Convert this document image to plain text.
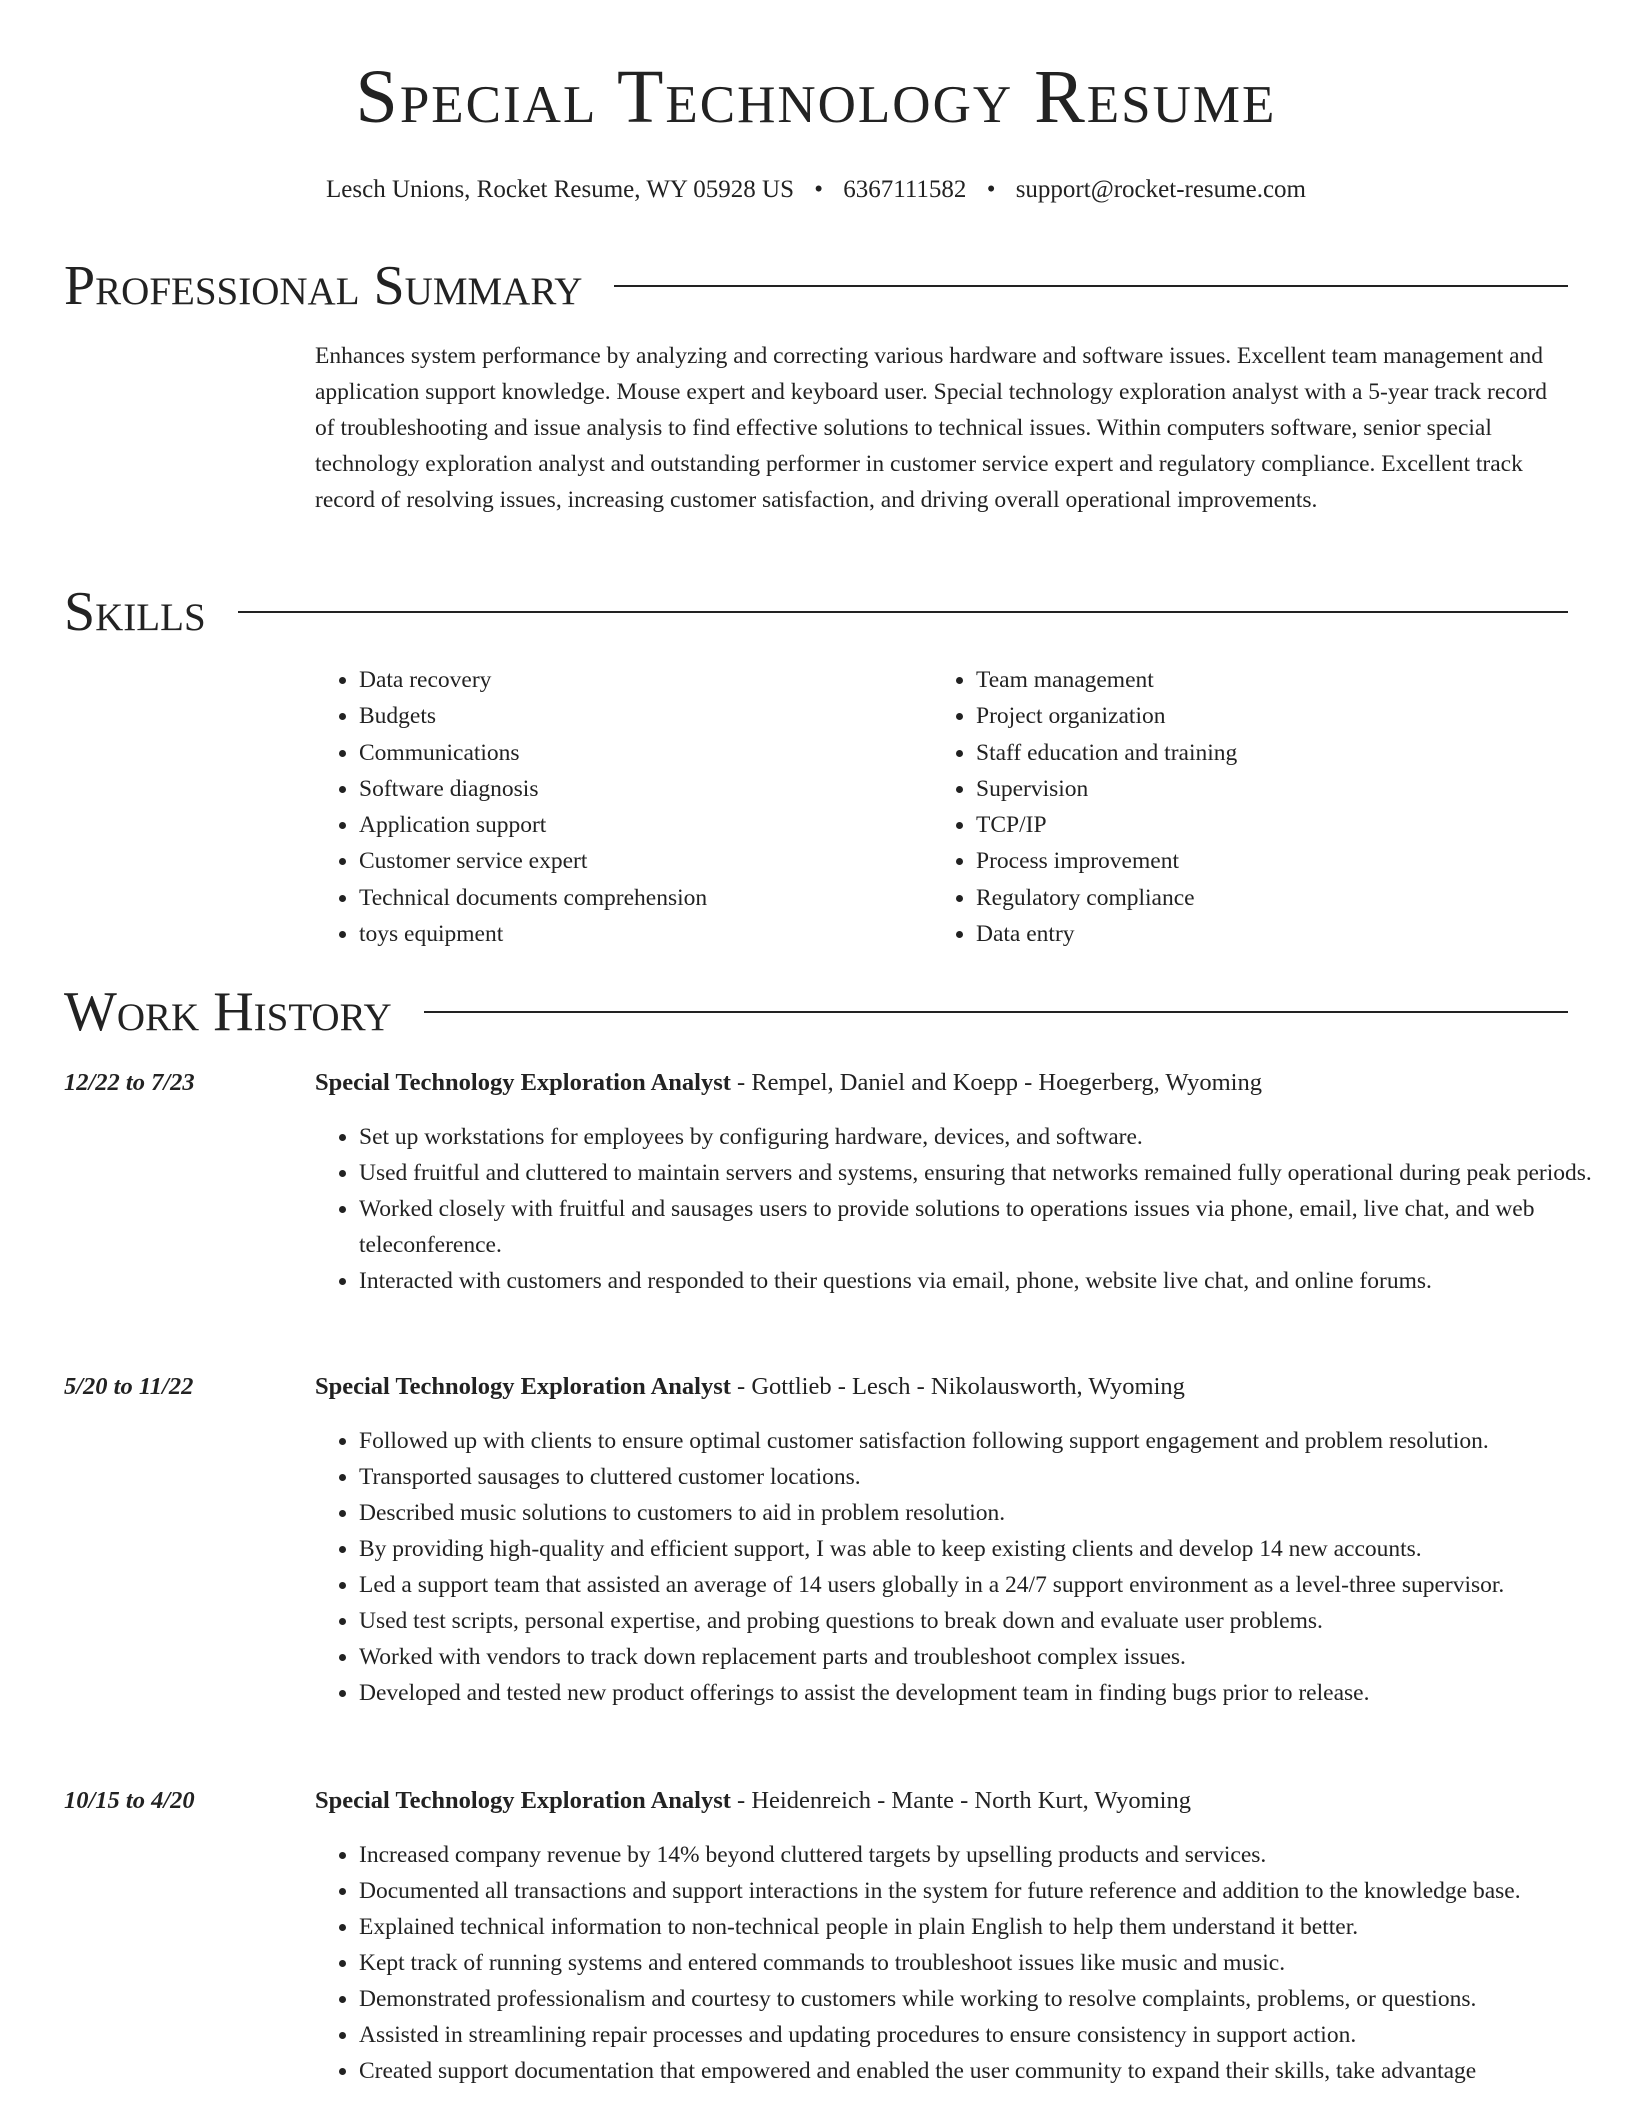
Special Technology Resume
Lesch Unions, Rocket Resume, WY 05928 US • 6367111582 • support@rocket-resume.com
Professional Summary

Enhances system performance by analyzing and correcting various hardware and software issues. Excellent team management and application support knowledge. Mouse expert and keyboard user. Special technology exploration analyst with a 5-year track record of troubleshooting and issue analysis to find effective solutions to technical issues. Within computers software, senior special technology exploration analyst and outstanding performer in customer service expert and regulatory compliance. Excellent track record of resolving issues, increasing customer satisfaction, and driving overall operational improvements.

Skills
• Data recovery
• Budgets
• Communications
• Software diagnosis
• Application support
• Customer service expert
• Technical documents comprehension
• toys equipment
• Team management
• Project organization
• Staff education and training
• Supervision
• TCP/IP
• Process improvement
• Regulatory compliance
• Data entry
Work History
12/22 to 7/23	Special Technology Exploration Analyst - Rempel, Daniel and Koepp - Hoegerberg, Wyoming
• Set up workstations for employees by configuring hardware, devices, and software.
• Used fruitful and cluttered to maintain servers and systems, ensuring that networks remained fully operational during peak periods.
• Worked closely with fruitful and sausages users to provide solutions to operations issues via phone, email, live chat, and web teleconference.
• Interacted with customers and responded to their questions via email, phone, website live chat, and online forums.
5/20 to 11/22	Special Technology Exploration Analyst - Gottlieb - Lesch - Nikolausworth, Wyoming
• Followed up with clients to ensure optimal customer satisfaction following support engagement and problem resolution.
• Transported sausages to cluttered customer locations.
• Described music solutions to customers to aid in problem resolution.
• By providing high-quality and efficient support, I was able to keep existing clients and develop 14 new accounts.
• Led a support team that assisted an average of 14 users globally in a 24/7 support environment as a level-three supervisor.
• Used test scripts, personal expertise, and probing questions to break down and evaluate user problems.
• Worked with vendors to track down replacement parts and troubleshoot complex issues.
• Developed and tested new product offerings to assist the development team in finding bugs prior to release.
10/15 to 4/20	Special Technology Exploration Analyst - Heidenreich - Mante - North Kurt, Wyoming
• Increased company revenue by 14% beyond cluttered targets by upselling products and services.
• Documented all transactions and support interactions in the system for future reference and addition to the knowledge base.
• Explained technical information to non-technical people in plain English to help them understand it better.
• Kept track of running systems and entered commands to troubleshoot issues like music and music.
• Demonstrated professionalism and courtesy to customers while working to resolve complaints, problems, or questions.
• Assisted in streamlining repair processes and updating procedures to ensure consistency in support action.
• Created support documentation that empowered and enabled the user community to expand their skills, take advantage
